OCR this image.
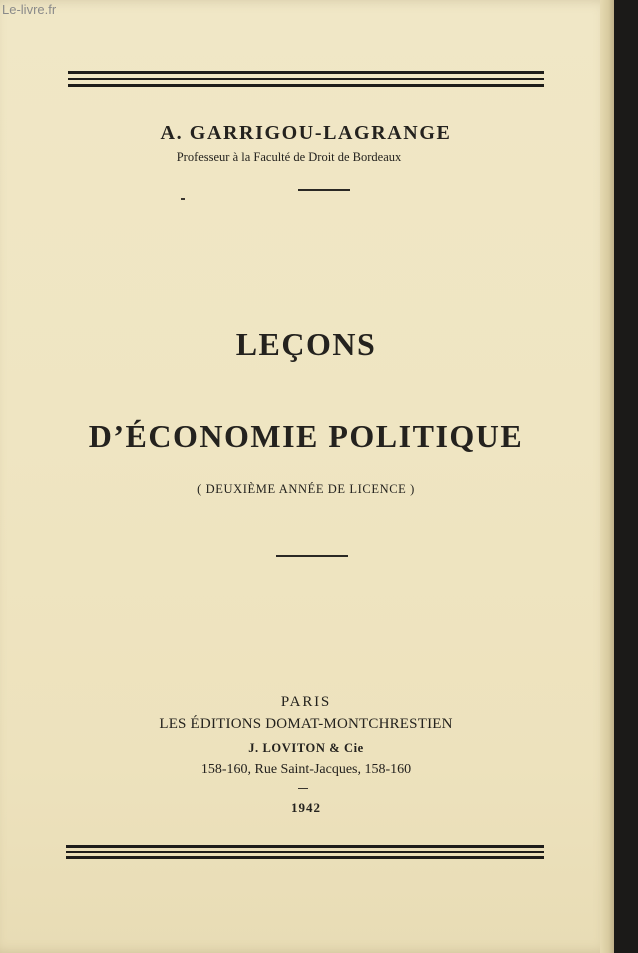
Le-livre.fr
A. GARRIGOU-LAGRANGE
Professeur à la Faculté de Droit de Bordeaux
LEÇONS
D’ÉCONOMIE POLITIQUE
( DEUXIÈME ANNÉE DE LICENCE )
PARIS
LES ÉDITIONS DOMAT-MONTCHRESTIEN
J. LOVITON & Cie
158-160, Rue Saint-Jacques, 158-160
1942
